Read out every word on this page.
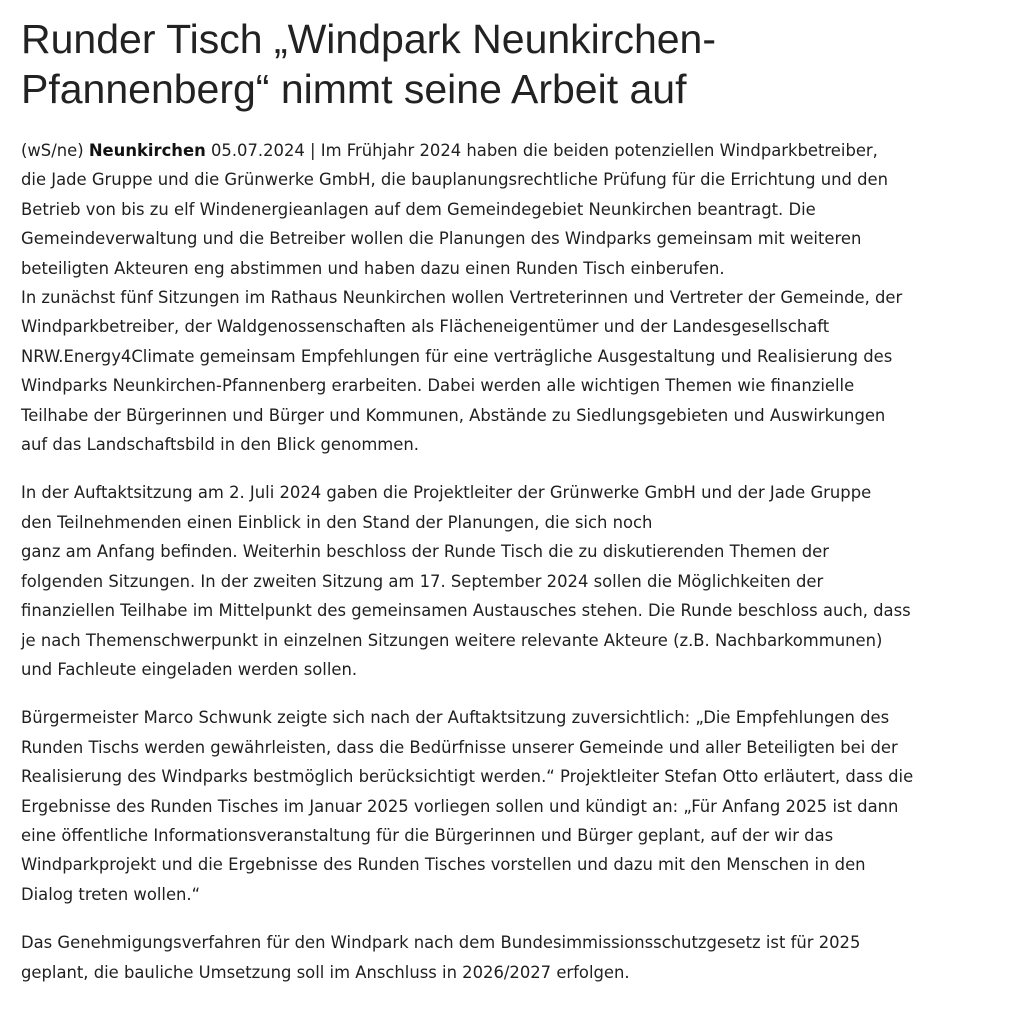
Runder Tisch „Windpark Neunkirchen-
Pfannenberg“ nimmt seine Arbeit auf

(wS/ne) Neunkirchen 05.07.2024 | Im Frühjahr 2024 haben die beiden potenziellen Windparkbetreiber,
die Jade Gruppe und die Grünwerke GmbH, die bauplanungsrechtliche Prüfung für die Errichtung und den
Betrieb von bis zu elf Windenergieanlagen auf dem Gemeindegebiet Neunkirchen beantragt. Die
Gemeindeverwaltung und die Betreiber wollen die Planungen des Windparks gemeinsam mit weiteren
beteiligten Akteuren eng abstimmen und haben dazu einen Runden Tisch einberufen.
In zunächst fünf Sitzungen im Rathaus Neunkirchen wollen Vertreterinnen und Vertreter der Gemeinde, der
Windparkbetreiber, der Waldgenossenschaften als Flächeneigentümer und der Landesgesellschaft
NRW.Energy4Climate gemeinsam Empfehlungen für eine verträgliche Ausgestaltung und Realisierung des
Windparks Neunkirchen-Pfannenberg erarbeiten. Dabei werden alle wichtigen Themen wie finanzielle
Teilhabe der Bürgerinnen und Bürger und Kommunen, Abstände zu Siedlungsgebieten und Auswirkungen
auf das Landschaftsbild in den Blick genommen.

In der Auftaktsitzung am 2. Juli 2024 gaben die Projektleiter der Grünwerke GmbH und der Jade Gruppe
den Teilnehmenden einen Einblick in den Stand der Planungen, die sich noch
ganz am Anfang befinden. Weiterhin beschloss der Runde Tisch die zu diskutierenden Themen der
folgenden Sitzungen. In der zweiten Sitzung am 17. September 2024 sollen die Möglichkeiten der
finanziellen Teilhabe im Mittelpunkt des gemeinsamen Austausches stehen. Die Runde beschloss auch, dass
je nach Themenschwerpunkt in einzelnen Sitzungen weitere relevante Akteure (z.B. Nachbarkommunen)
und Fachleute eingeladen werden sollen.

Bürgermeister Marco Schwunk zeigte sich nach der Auftaktsitzung zuversichtlich: „Die Empfehlungen des
Runden Tischs werden gewährleisten, dass die Bedürfnisse unserer Gemeinde und aller Beteiligten bei der
Realisierung des Windparks bestmöglich berücksichtigt werden.“ Projektleiter Stefan Otto erläutert, dass die
Ergebnisse des Runden Tisches im Januar 2025 vorliegen sollen und kündigt an: „Für Anfang 2025 ist dann
eine öffentliche Informationsveranstaltung für die Bürgerinnen und Bürger geplant, auf der wir das
Windparkprojekt und die Ergebnisse des Runden Tisches vorstellen und dazu mit den Menschen in den
Dialog treten wollen.“

Das Genehmigungsverfahren für den Windpark nach dem Bundesimmissionsschutzgesetz ist für 2025
geplant, die bauliche Umsetzung soll im Anschluss in 2026/2027 erfolgen.
